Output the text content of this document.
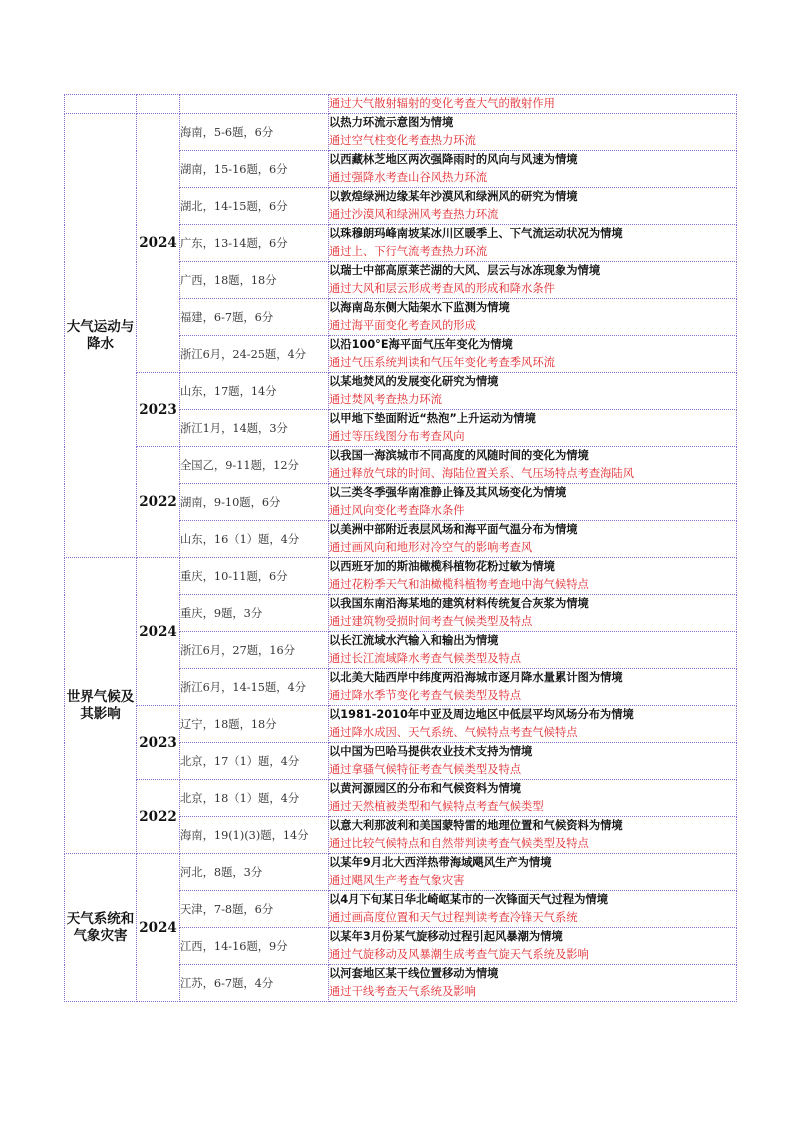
			通过大气散射辐射的变化考查大气的散射作用

大气运动与降水	2024	海南，5-6题，6分	以热力环流示意图为情境
通过空气柱变化考查热力环流

		湖南，15-16题，6分	以西藏林芝地区两次强降雨时的风向与风速为情境
通过强降水考查山谷风热力环流

		湖北，14-15题，6分	以敦煌绿洲边缘某年沙漠风和绿洲风的研究为情境
通过沙漠风和绿洲风考查热力环流

		广东，13-14题，6分	以珠穆朗玛峰南坡某冰川区暖季上、下气流运动状况为情境
通过上、下行气流考查热力环流

		广西，18题，18分	以瑞士中部高原莱芒湖的大风、层云与冰冻现象为情境
通过大风和层云形成考查风的形成和降水条件

		福建，6-7题，6分	以海南岛东侧大陆架水下监测为情境
通过海平面变化考查风的形成

		浙江6月，24-25题，4分	以沿100°E海平面气压年变化为情境
通过气压系统判读和气压年变化考查季风环流

	2023	山东，17题，14分	以某地焚风的发展变化研究为情境
通过焚风考查热力环流

		浙江1月，14题，3分	以甲地下垫面附近“热泡”上升运动为情境
通过等压线图分布考查风向

	2022	全国乙，9-11题，12分	以我国一海滨城市不同高度的风随时间的变化为情境
通过释放气球的时间、海陆位置关系、气压场特点考查海陆风

		湖南，9-10题，6分	以三类冬季强华南准静止锋及其风场变化为情境
通过风向变化考查降水条件

		山东，16（1）题，4分	以美洲中部附近表层风场和海平面气温分布为情境
通过画风向和地形对冷空气的影响考查风

世界气候及其影响	2024	重庆，10-11题，6分	以西班牙加的斯油橄榄科植物花粉过敏为情境
通过花粉季天气和油橄榄科植物考查地中海气候特点

		重庆，9题，3分	以我国东南沿海某地的建筑材料传统复合灰浆为情境
通过建筑物受损时间考查气候类型及特点

		浙江6月，27题，16分	以长江流域水汽输入和输出为情境
通过长江流域降水考查气候类型及特点

		浙江6月，14-15题，4分	以北美大陆西岸中纬度两沿海城市逐月降水量累计图为情境
通过降水季节变化考查气候类型及特点

	2023	辽宁，18题，18分	以1981-2010年中亚及周边地区中低层平均风场分布为情境
通过降水成因、天气系统、气候特点考查气候特点

		北京，17（1）题，4分	以中国为巴哈马提供农业技术支持为情境
通过拿骚气候特征考查气候类型及特点

	2022	北京，18（1）题，4分	以黄河源园区的分布和气候资料为情境
通过天然植被类型和气候特点考查气候类型

		海南，19(1)(3)题，14分	以意大利那波利和美国蒙特雷的地理位置和气候资料为情境
通过比较气候特点和自然带判读考查气候类型及特点

天气系统和气象灾害	2024	河北，8题，3分	以某年9月北大西洋热带海域飓风生产为情境
通过飓风生产考查气象灾害

		天津，7-8题，6分	以4月下旬某日华北崎岖某市的一次锋面天气过程为情境
通过画高度位置和天气过程判读考查冷锋天气系统

		江西，14-16题，9分	以某年3月份某气旋移动过程引起风暴潮为情境
通过气旋移动及风暴潮生成考查气旋天气系统及影响

		江苏，6-7题，4分	以河套地区某干线位置移动为情境
通过干线考查天气系统及影响
